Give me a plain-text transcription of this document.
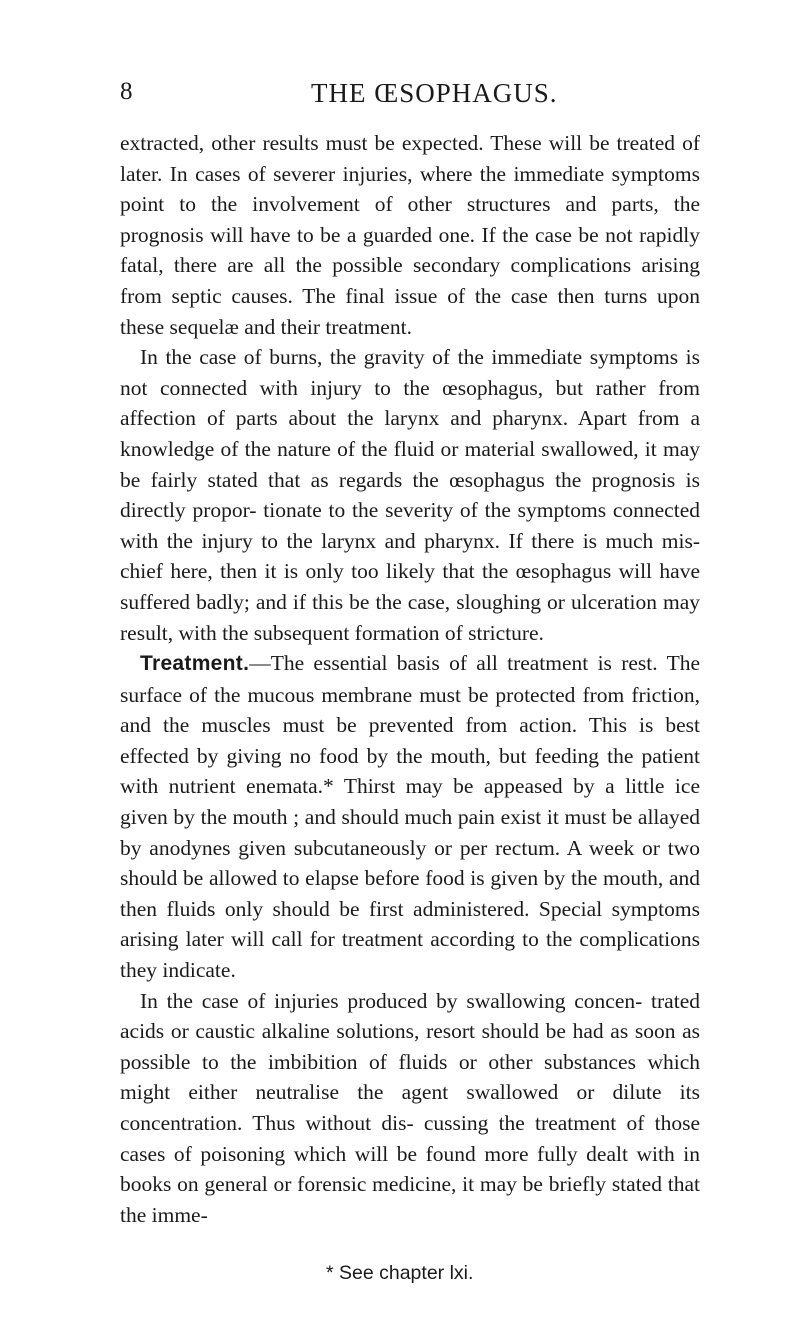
8	THE ŒSOPHAGUS.

extracted, other results must be expected. These will be treated of later. In cases of severer injuries, where the immediate symptoms point to the involvement of other structures and parts, the prognosis will have to be a guarded one. If the case be not rapidly fatal, there are all the possible secondary complications arising from septic causes. The final issue of the case then turns upon these sequelæ and their treatment.

In the case of burns, the gravity of the immediate symptoms is not connected with injury to the œsophagus, but rather from affection of parts about the larynx and pharynx. Apart from a knowledge of the nature of the fluid or material swallowed, it may be fairly stated that as regards the œsophagus the prognosis is directly propor- tionate to the severity of the symptoms connected with the injury to the larynx and pharynx. If there is much mis- chief here, then it is only too likely that the œsophagus will have suffered badly; and if this be the case, sloughing or ulceration may result, with the subsequent formation of stricture.

Treatment.—The essential basis of all treatment is rest. The surface of the mucous membrane must be protected from friction, and the muscles must be prevented from action. This is best effected by giving no food by the mouth, but feeding the patient with nutrient enemata.* Thirst may be appeased by a little ice given by the mouth ; and should much pain exist it must be allayed by anodynes given subcutaneously or per rectum. A week or two should be allowed to elapse before food is given by the mouth, and then fluids only should be first administered. Special symptoms arising later will call for treatment according to the complications they indicate.

In the case of injuries produced by swallowing concen- trated acids or caustic alkaline solutions, resort should be had as soon as possible to the imbibition of fluids or other substances which might either neutralise the agent swallowed or dilute its concentration. Thus without dis- cussing the treatment of those cases of poisoning which will be found more fully dealt with in books on general or forensic medicine, it may be briefly stated that the imme-

* See chapter lxi.
